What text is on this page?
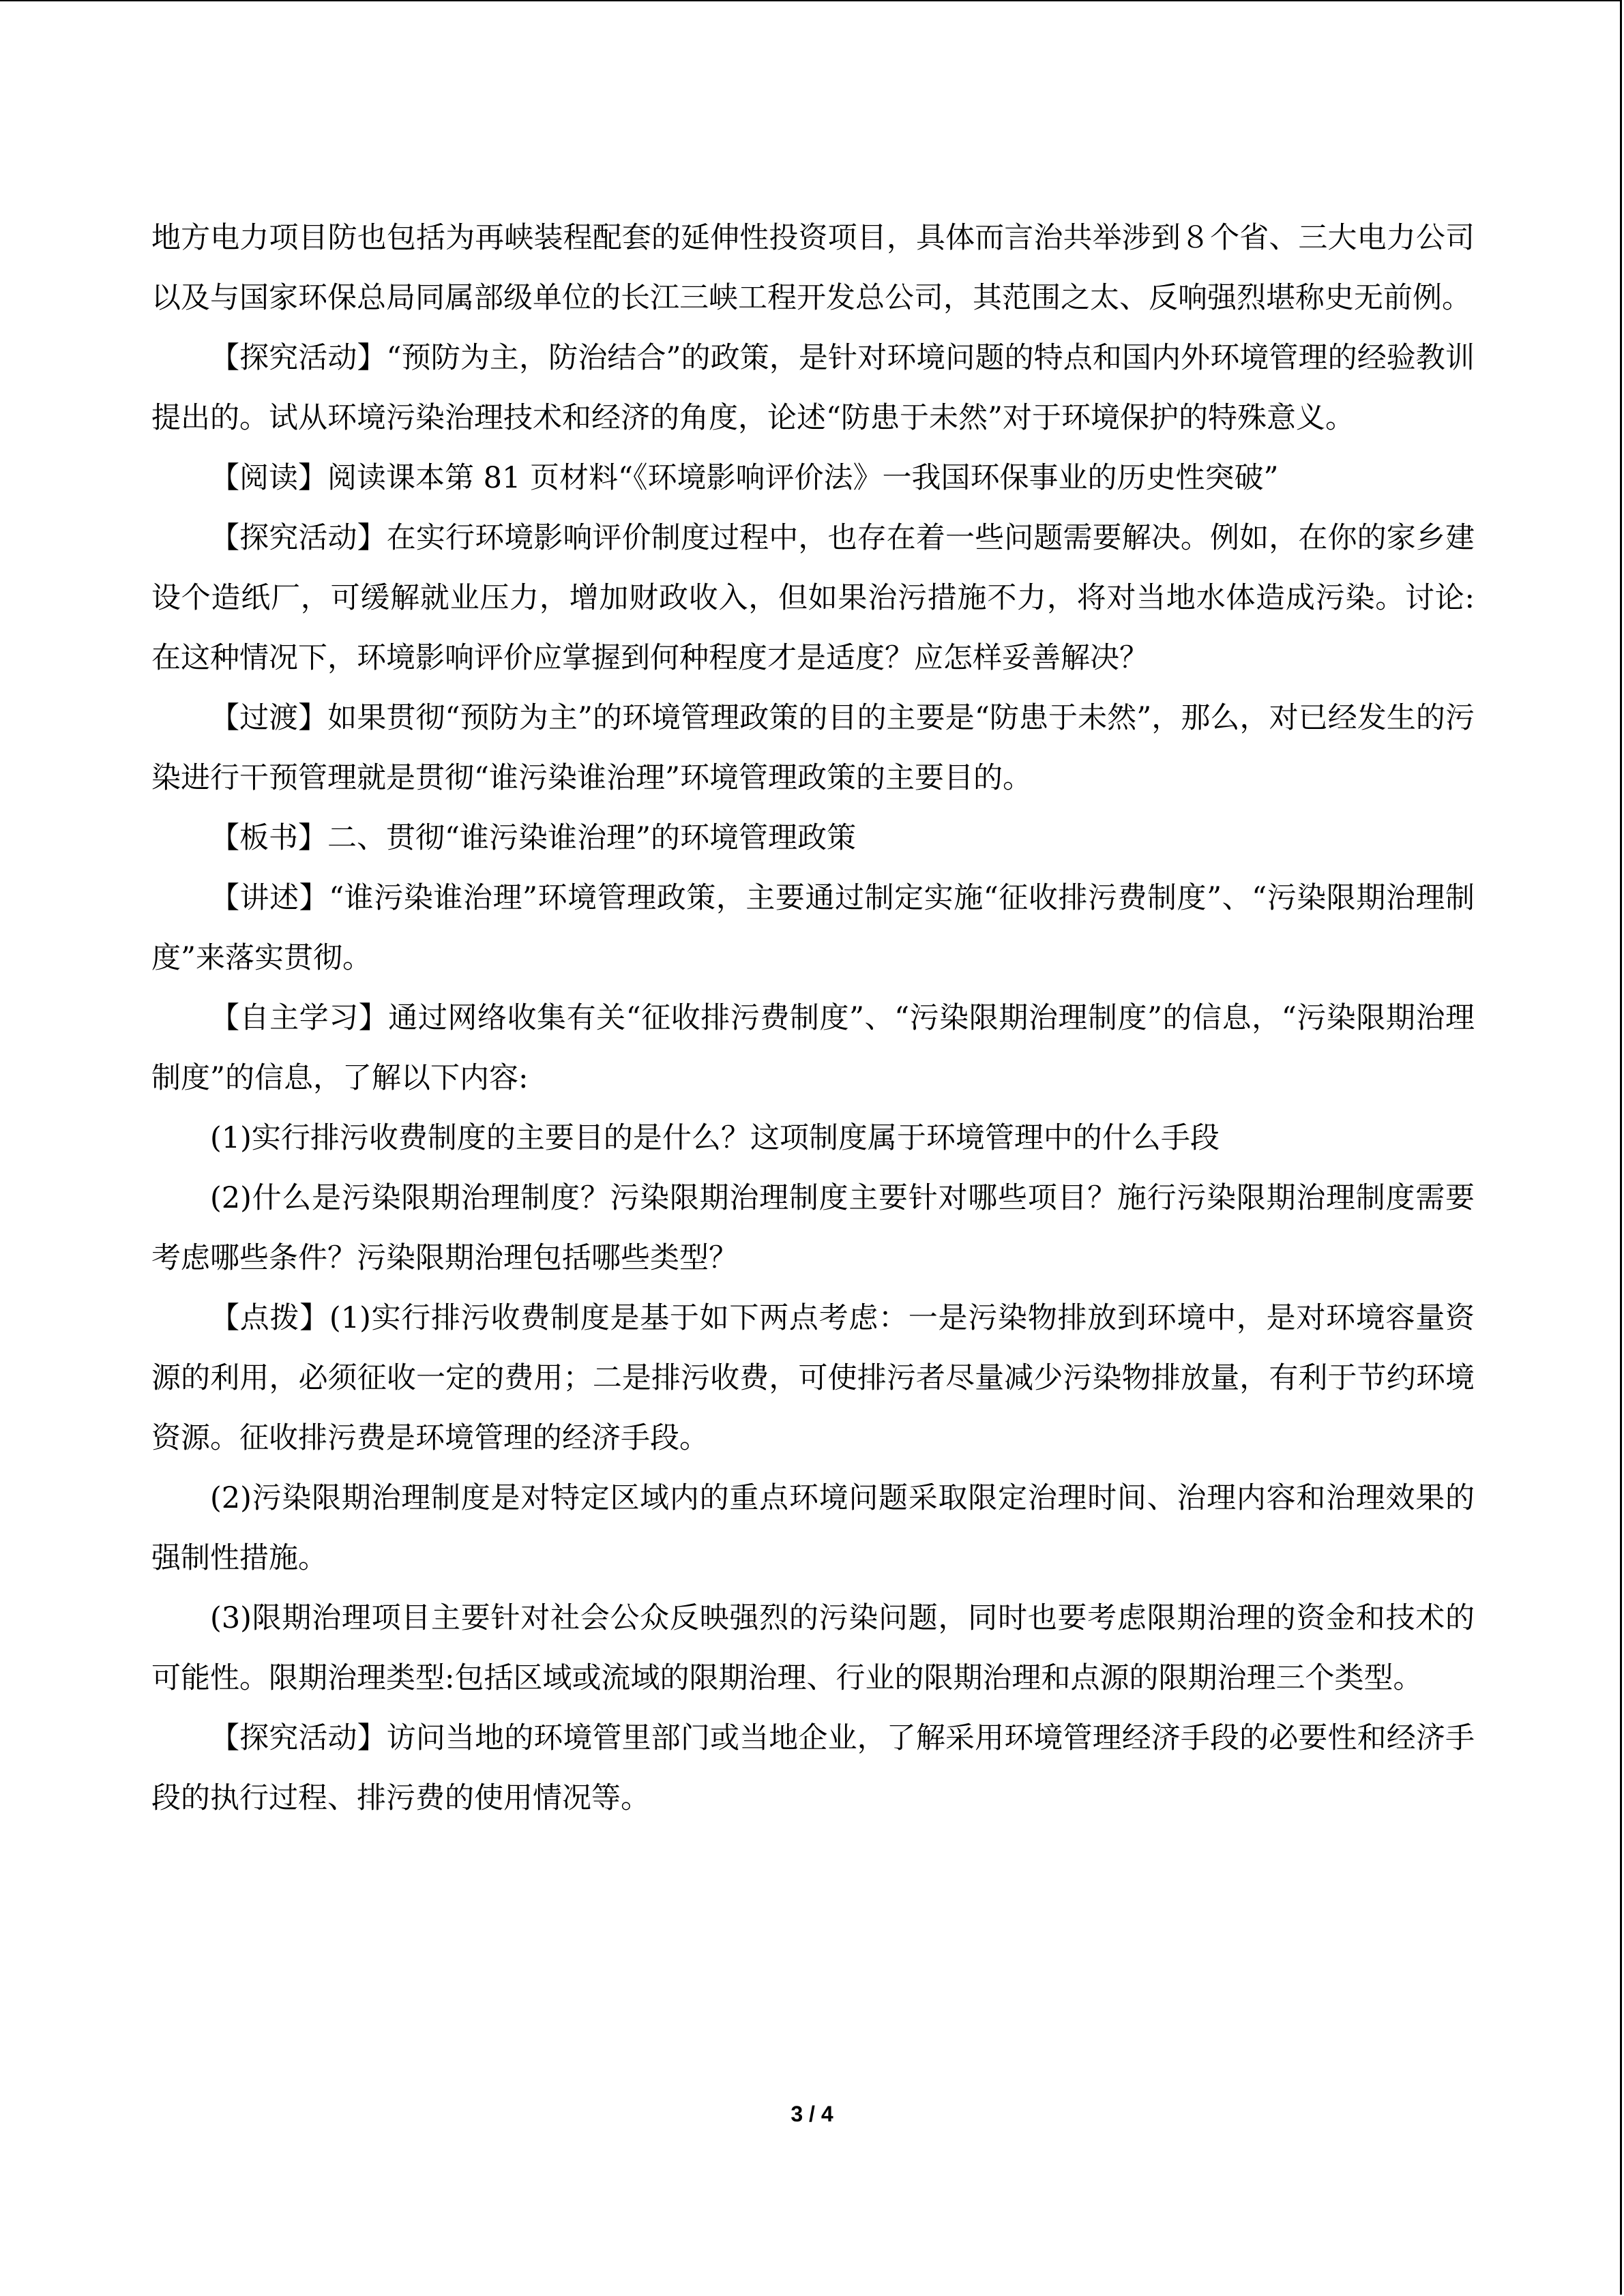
地方电力项目防也包括为再峡装程配套的延伸性投资项目，具体而言治共举涉到８个省、三大电力公司以及与国家环保总局同属部级单位的长江三峡工程开发总公司，其范围之太、反响强烈堪称史无前例。

【探究活动】“预防为主，防治结合”的政策，是针对环境问题的特点和国内外环境管理的经验教训提出的。试从环境污染治理技术和经济的角度，论述“防患于未然”对于环境保护的特殊意义。

【阅读】阅读课本第 81 页材料“《环境影响评价法》一我国环保事业的历史性突破”

【探究活动】在实行环境影响评价制度过程中，也存在着一些问题需要解决。例如，在你的家乡建设个造纸厂，可缓解就业压力，增加财政收入，但如果治污措施不力，将对当地水体造成污染。讨论:在这种情况下，环境影响评价应掌握到何种程度才是适度？应怎样妥善解决？

【过渡】如果贯彻“预防为主”的环境管理政策的目的主要是“防患于未然”，那么，对已经发生的污染进行干预管理就是贯彻“谁污染谁治理”环境管理政策的主要目的。

【板书】二、贯彻“谁污染谁治理”的环境管理政策

【讲述】“谁污染谁治理”环境管理政策，主要通过制定实施“征收排污费制度”、“污染限期治理制度”来落实贯彻。

【自主学习】通过网络收集有关“征收排污费制度”、“污染限期治理制度”的信息，“污染限期治理制度”的信息，了解以下内容:

(1)实行排污收费制度的主要目的是什么？这项制度属于环境管理中的什么手段

(2)什么是污染限期治理制度？污染限期治理制度主要针对哪些项目？施行污染限期治理制度需要考虑哪些条件？污染限期治理包括哪些类型？

【点拨】(1)实行排污收费制度是基于如下两点考虑：一是污染物排放到环境中，是对环境容量资源的利用，必须征收一定的费用；二是排污收费，可使排污者尽量减少污染物排放量，有利于节约环境资源。征收排污费是环境管理的经济手段。

(2)污染限期治理制度是对特定区域内的重点环境问题采取限定治理时间、治理内容和治理效果的强制性措施。

(3)限期治理项目主要针对社会公众反映强烈的污染问题，同时也要考虑限期治理的资金和技术的可能性。限期治理类型:包括区域或流域的限期治理、行业的限期治理和点源的限期治理三个类型。

【探究活动】访问当地的环境管里部门或当地企业，了解采用环境管理经济手段的必要性和经济手段的执行过程、排污费的使用情况等。

3 / 4
